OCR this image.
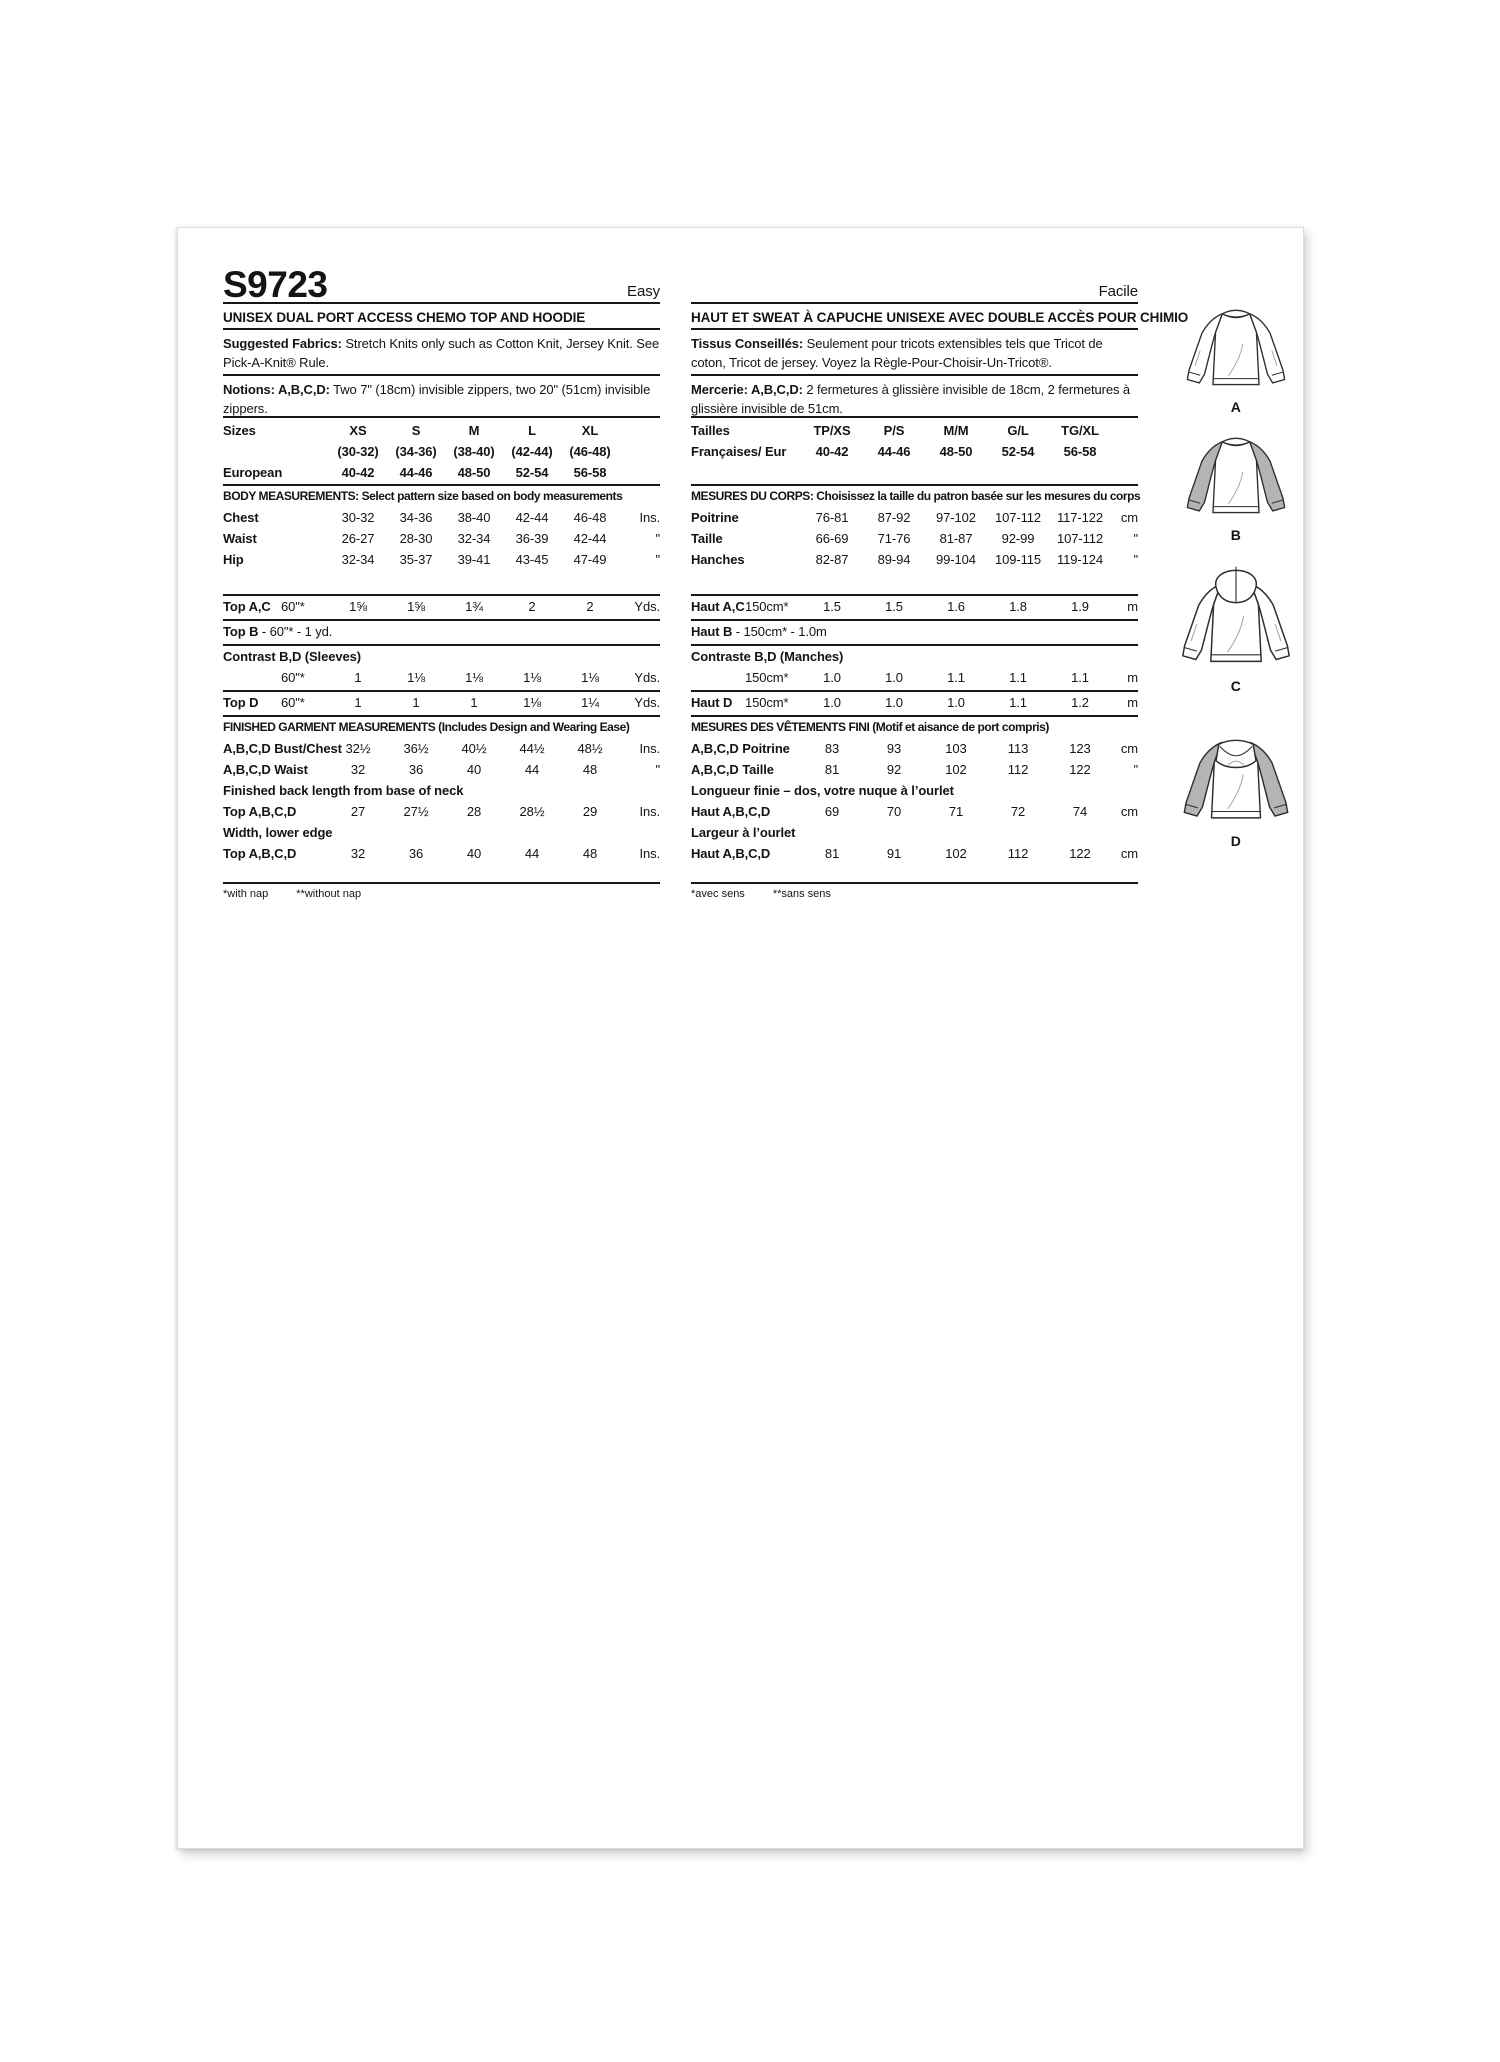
S9723	Easy
UNISEX DUAL PORT ACCESS CHEMO TOP AND HOODIE
Suggested Fabrics: Stretch Knits only such as Cotton Knit, Jersey Knit. See Pick-A-Knit® Rule.
Notions: A,B,C,D: Two 7" (18cm) invisible zippers, two 20" (51cm) invisible zippers.
Sizes	XS	S	M	L	XL
(30-32)	(34-36)	(38-40)	(42-44)	(46-48)
European	40-42	44-46	48-50	52-54	56-58
BODY MEASUREMENTS: Select pattern size based on body measurements
Chest	30-32	34-36	38-40	42-44	46-48	Ins.
Waist	26-27	28-30	32-34	36-39	42-44	"
Hip	32-34	35-37	39-41	43-45	47-49	"
Top A,C 60"*	1⅝	1⅝	1¾	2	2	Yds.
Top B - 60"* - 1 yd.
Contrast B,D (Sleeves)
60"*	1	1⅛	1⅛	1⅛	1⅛	Yds.
Top D	60"*	1	1	1	1⅛	1¼	Yds.
FINISHED GARMENT MEASUREMENTS (Includes Design and Wearing Ease)
A,B,C,D Bust/Chest 32½	36½	40½	44½	48½	Ins.
A,B,C,D Waist	32	36	40	44	48	"
Finished back length from base of neck
Top A,B,C,D	27	27½	28	28½	29	Ins.
Width, lower edge
Top A,B,C,D	32	36	40	44	48	Ins.
*with nap	**without nap
Facile
HAUT ET SWEAT À CAPUCHE UNISEXE AVEC DOUBLE ACCÈS POUR CHIMIO
Tissus Conseillés: Seulement pour tricots extensibles tels que Tricot de coton, Tricot de jersey. Voyez la Règle-Pour-Choisir-Un-Tricot®.
Mercerie: A,B,C,D: 2 fermetures à glissière invisible de 18cm, 2 fermetures à glissière invisible de 51cm.
Tailles	TP/XS	P/S	M/M	G/L	TG/XL
Françaises/ Eur	40-42	44-46	48-50	52-54	56-58
MESURES DU CORPS: Choisissez la taille du patron basée sur les mesures du corps
Poitrine	76-81	87-92	97-102	107-112	117-122	cm
Taille	66-69	71-76	81-87	92-99	107-112	"
Hanches	82-87	89-94	99-104	109-115	119-124	"
Haut A,C 150cm*	1.5	1.5	1.6	1.8	1.9	m
Haut B - 150cm* - 1.0m
Contraste B,D (Manches)
150cm*	1.0	1.0	1.1	1.1	1.1	m
Haut D 150cm*	1.0	1.0	1.0	1.1	1.2	m
MESURES DES VÊTEMENTS FINI (Motif et aisance de port compris)
A,B,C,D Poitrine	83	93	103	113	123	cm
A,B,C,D Taille	81	92	102	112	122	"
Longueur finie – dos, votre nuque à l’ourlet
Haut A,B,C,D	69	70	71	72	74	cm
Largeur à l’ourlet
Haut A,B,C,D	81	91	102	112	122	cm
*avec sens	**sans sens
A
B
C
D
